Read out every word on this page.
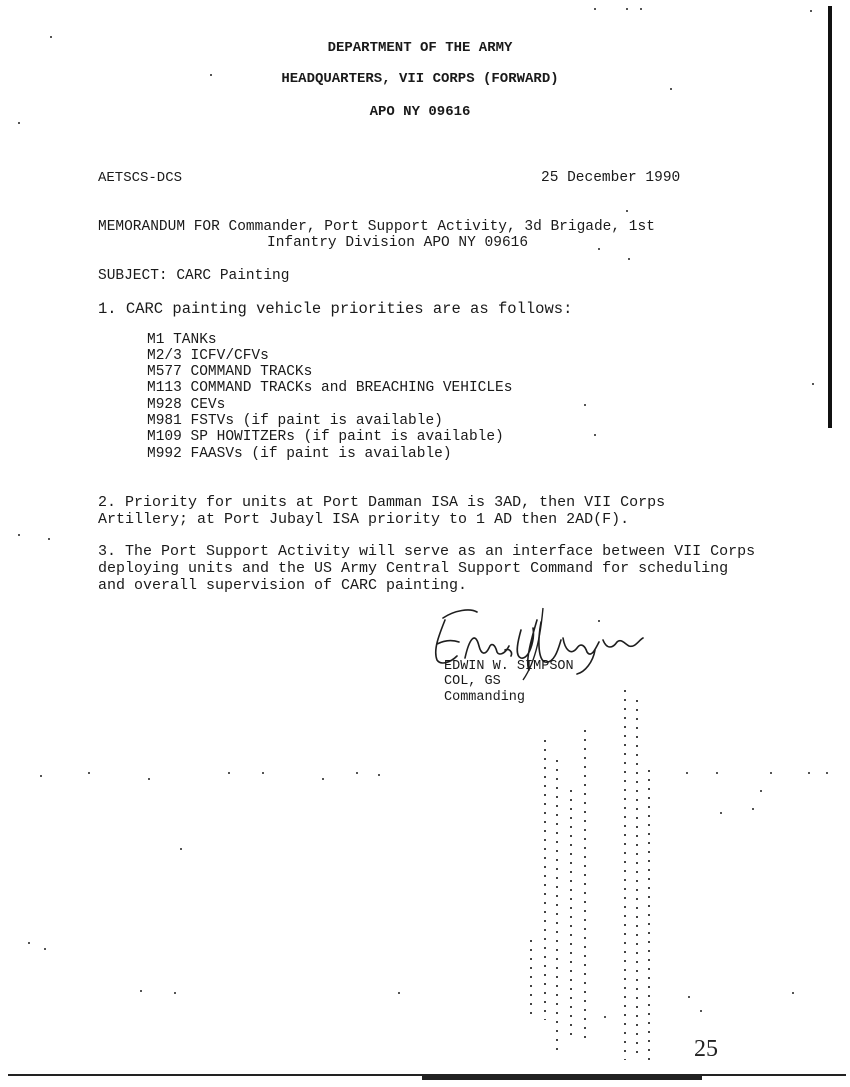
DEPARTMENT OF THE ARMY
HEADQUARTERS, VII CORPS (FORWARD)
APO NY 09616
AETSCS-DCS	25 December 1990
MEMORANDUM FOR Commander, Port Support Activity, 3d Brigade, 1st
Infantry Division APO NY 09616
SUBJECT: CARC Painting
1. CARC painting vehicle priorities are as follows:
M1 TANKs
M2/3 ICFV/CFVs
M577 COMMAND TRACKs
M113 COMMAND TRACKs and BREACHING VEHICLEs
M928 CEVs
M981 FSTVs (if paint is available)
M109 SP HOWITZERs (if paint is available)
M992 FAASVs (if paint is available)
2. Priority for units at Port Damman ISA is 3AD, then VII Corps Artillery; at Port Jubayl ISA priority to 1 AD then 2AD(F).
3. The Port Support Activity will serve as an interface between VII Corps deploying units and the US Army Central Support Command for scheduling and overall supervision of CARC painting.
EDWIN W. SIMPSON
COL, GS
Commanding
25
